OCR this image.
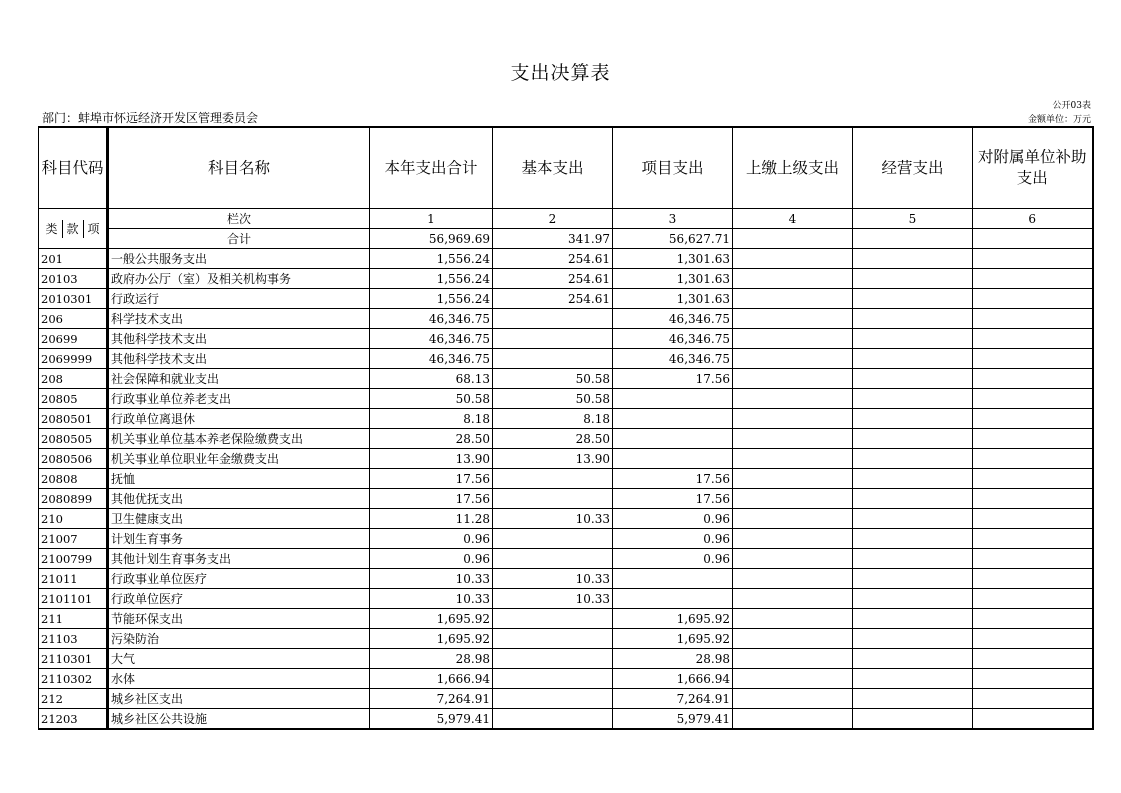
支出决算表
部门：蚌埠市怀远经济开发区管理委员会
公开03表
金额单位：万元
科目代码	科目名称	本年支出合计	基本支出	项目支出	上缴上级支出	经营支出	对附属单位补助支出
类 款 项	栏次	1	2	3	4	5	6
	合计	56,969.69	341.97	56,627.71			
201	一般公共服务支出	1,556.24	254.61	1,301.63			
20103	政府办公厅（室）及相关机构事务	1,556.24	254.61	1,301.63			
2010301	行政运行	1,556.24	254.61	1,301.63			
206	科学技术支出	46,346.75		46,346.75			
20699	其他科学技术支出	46,346.75		46,346.75			
2069999	其他科学技术支出	46,346.75		46,346.75			
208	社会保障和就业支出	68.13	50.58	17.56			
20805	行政事业单位养老支出	50.58	50.58				
2080501	行政单位离退休	8.18	8.18				
2080505	机关事业单位基本养老保险缴费支出	28.50	28.50				
2080506	机关事业单位职业年金缴费支出	13.90	13.90				
20808	抚恤	17.56		17.56			
2080899	其他优抚支出	17.56		17.56			
210	卫生健康支出	11.28	10.33	0.96			
21007	计划生育事务	0.96		0.96			
2100799	其他计划生育事务支出	0.96		0.96			
21011	行政事业单位医疗	10.33	10.33				
2101101	行政单位医疗	10.33	10.33				
211	节能环保支出	1,695.92		1,695.92			
21103	污染防治	1,695.92		1,695.92			
2110301	大气	28.98		28.98			
2110302	水体	1,666.94		1,666.94			
212	城乡社区支出	7,264.91		7,264.91			
21203	城乡社区公共设施	5,979.41		5,979.41			
